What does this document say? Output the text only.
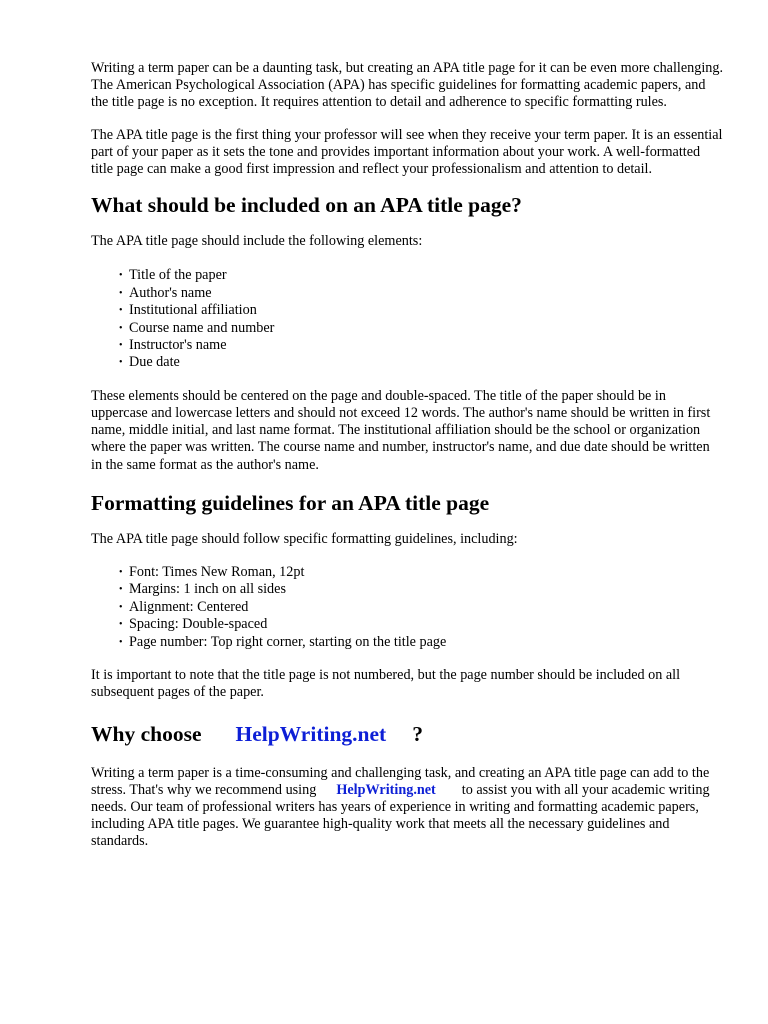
Writing a term paper can be a daunting task, but creating an APA title page for it can be even more challenging. The American Psychological Association (APA) has specific guidelines for formatting academic papers, and the title page is no exception. It requires attention to detail and adherence to specific formatting rules.

The APA title page is the first thing your professor will see when they receive your term paper. It is an essential part of your paper as it sets the tone and provides important information about your work. A well-formatted title page can make a good first impression and reflect your professionalism and attention to detail.

What should be included on an APA title page?

The APA title page should include the following elements:

• Title of the paper
• Author's name
• Institutional affiliation
• Course name and number
• Instructor's name
• Due date

These elements should be centered on the page and double-spaced. The title of the paper should be in uppercase and lowercase letters and should not exceed 12 words. The author's name should be written in first name, middle initial, and last name format. The institutional affiliation should be the school or organization where the paper was written. The course name and number, instructor's name, and due date should be written in the same format as the author's name.

Formatting guidelines for an APA title page

The APA title page should follow specific formatting guidelines, including:

• Font: Times New Roman, 12pt
• Margins: 1 inch on all sides
• Alignment: Centered
• Spacing: Double-spaced
• Page number: Top right corner, starting on the title page

It is important to note that the title page is not numbered, but the page number should be included on all subsequent pages of the paper.

Why choose HelpWriting.net ?

Writing a term paper is a time-consuming and challenging task, and creating an APA title page can add to the stress. That's why we recommend using HelpWriting.net to assist you with all your academic writing needs. Our team of professional writers has years of experience in writing and formatting academic papers, including APA title pages. We guarantee high-quality work that meets all the necessary guidelines and standards.
